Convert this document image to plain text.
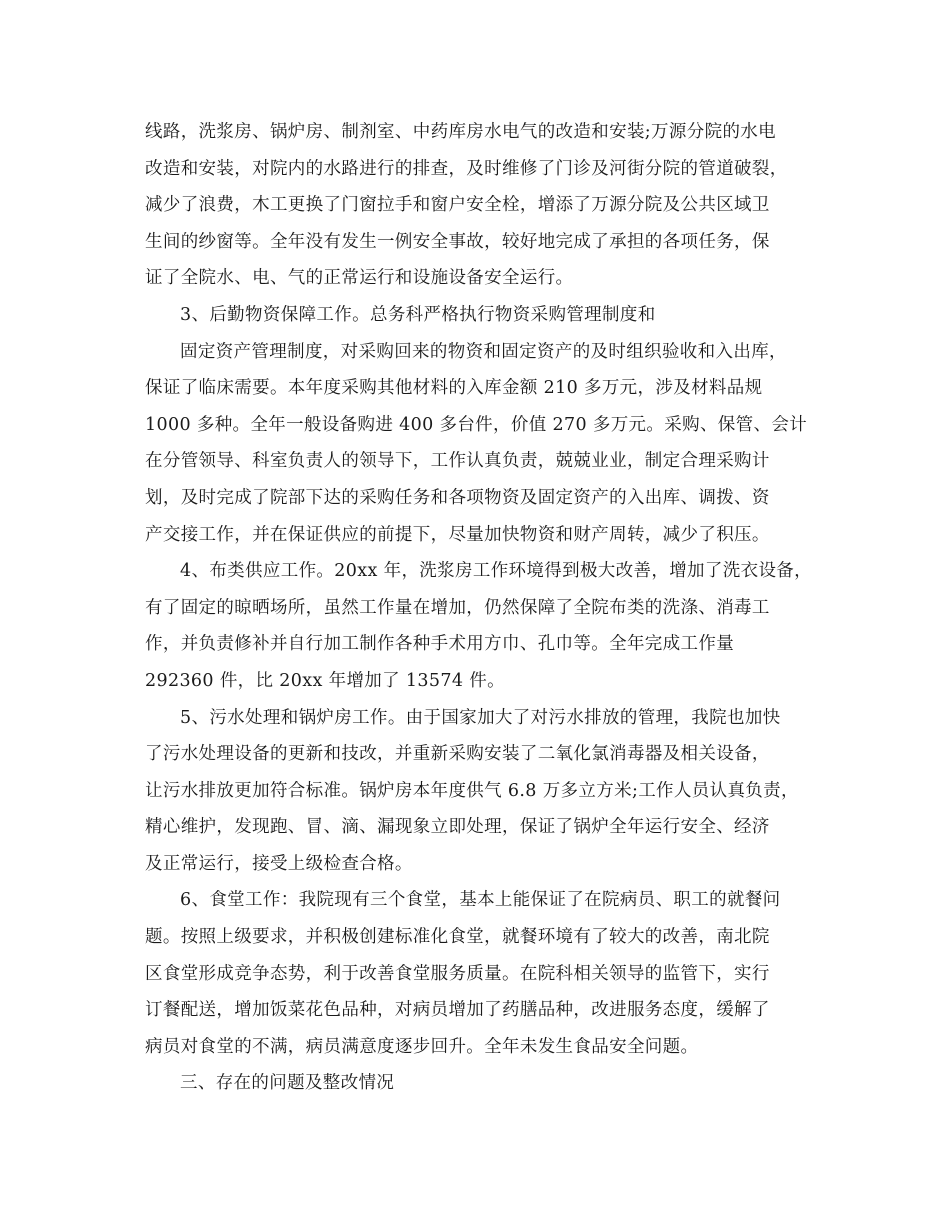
线路，洗浆房、锅炉房、制剂室、中药库房水电气的改造和安装;万源分院的水电
改造和安装，对院内的水路进行的排查，及时维修了门诊及河街分院的管道破裂，
减少了浪费，木工更换了门窗拉手和窗户安全栓，增添了万源分院及公共区域卫
生间的纱窗等。全年没有发生一例安全事故，较好地完成了承担的各项任务，保
证了全院水、电、气的正常运行和设施设备安全运行。
3、后勤物资保障工作。总务科严格执行物资采购管理制度和
固定资产管理制度，对采购回来的物资和固定资产的及时组织验收和入出库，
保证了临床需要。本年度采购其他材料的入库金额 210 多万元，涉及材料品规
1000 多种。全年一般设备购进 400 多台件，价值 270 多万元。采购、保管、会计
在分管领导、科室负责人的领导下，工作认真负责，兢兢业业，制定合理采购计
划，及时完成了院部下达的采购任务和各项物资及固定资产的入出库、调拨、资
产交接工作，并在保证供应的前提下，尽量加快物资和财产周转，减少了积压。
4、布类供应工作。20xx 年，洗浆房工作环境得到极大改善，增加了洗衣设备，
有了固定的晾晒场所，虽然工作量在增加，仍然保障了全院布类的洗涤、消毒工
作，并负责修补并自行加工制作各种手术用方巾、孔巾等。全年完成工作量
292360 件，比 20xx 年增加了 13574 件。
5、污水处理和锅炉房工作。由于国家加大了对污水排放的管理，我院也加快
了污水处理设备的更新和技改，并重新采购安装了二氧化氯消毒器及相关设备，
让污水排放更加符合标准。锅炉房本年度供气 6.8 万多立方米;工作人员认真负责，
精心维护，发现跑、冒、滴、漏现象立即处理，保证了锅炉全年运行安全、经济
及正常运行，接受上级检查合格。
6、食堂工作：我院现有三个食堂，基本上能保证了在院病员、职工的就餐问
题。按照上级要求，并积极创建标准化食堂，就餐环境有了较大的改善，南北院
区食堂形成竞争态势，利于改善食堂服务质量。在院科相关领导的监管下，实行
订餐配送，增加饭菜花色品种，对病员增加了药膳品种，改进服务态度，缓解了
病员对食堂的不满，病员满意度逐步回升。全年未发生食品安全问题。
三、存在的问题及整改情况
